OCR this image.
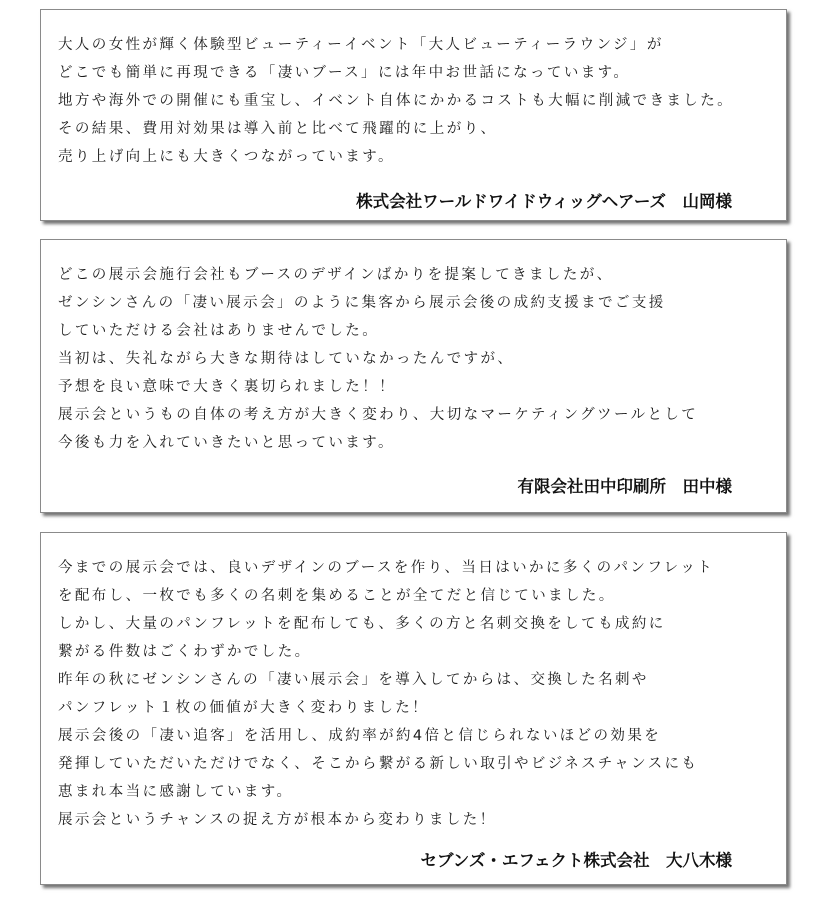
大人の女性が輝く体験型ビューティーイベント「大人ビューティーラウンジ」が
どこでも簡単に再現できる「凄いブース」には年中お世話になっています。
地方や海外での開催にも重宝し、イベント自体にかかるコストも大幅に削減できました。
その結果、費用対効果は導入前と比べて飛躍的に上がり、
売り上げ向上にも大きくつながっています。
株式会社ワールドワイドウィッグヘアーズ　山岡様
どこの展示会施行会社もブースのデザインばかりを提案してきましたが、
ゼンシンさんの「凄い展示会」のように集客から展示会後の成約支援までご支援
していただける会社はありませんでした。
当初は、失礼ながら大きな期待はしていなかったんですが、
予想を良い意味で大きく裏切られました！！
展示会というもの自体の考え方が大きく変わり、大切なマーケティングツールとして
今後も力を入れていきたいと思っています。
有限会社田中印刷所　田中様
今までの展示会では、良いデザインのブースを作り、当日はいかに多くのパンフレット
を配布し、一枚でも多くの名刺を集めることが全てだと信じていました。
しかし、大量のパンフレットを配布しても、多くの方と名刺交換をしても成約に
繋がる件数はごくわずかでした。
昨年の秋にゼンシンさんの「凄い展示会」を導入してからは、交換した名刺や
パンフレット１枚の価値が大きく変わりました！
展示会後の「凄い追客」を活用し、成約率が約4倍と信じられないほどの効果を
発揮していただいただけでなく、そこから繋がる新しい取引やビジネスチャンスにも
恵まれ本当に感謝しています。
展示会というチャンスの捉え方が根本から変わりました！
セブンズ・エフェクト株式会社　大八木様
